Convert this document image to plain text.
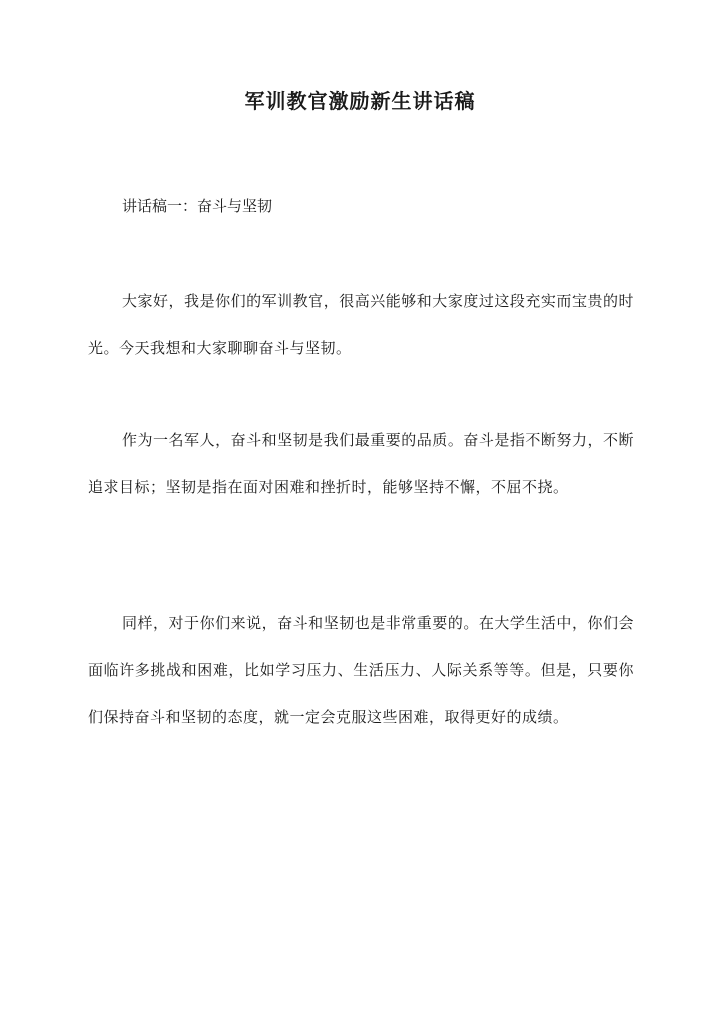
军训教官激励新生讲话稿

讲话稿一：奋斗与坚韧

大家好，我是你们的军训教官，很高兴能够和大家度过这段充实而宝贵的时光。今天我想和大家聊聊奋斗与坚韧。

作为一名军人，奋斗和坚韧是我们最重要的品质。奋斗是指不断努力，不断追求目标；坚韧是指在面对困难和挫折时，能够坚持不懈，不屈不挠。

同样，对于你们来说，奋斗和坚韧也是非常重要的。在大学生活中，你们会面临许多挑战和困难，比如学习压力、生活压力、人际关系等等。但是，只要你们保持奋斗和坚韧的态度，就一定会克服这些困难，取得更好的成绩。
